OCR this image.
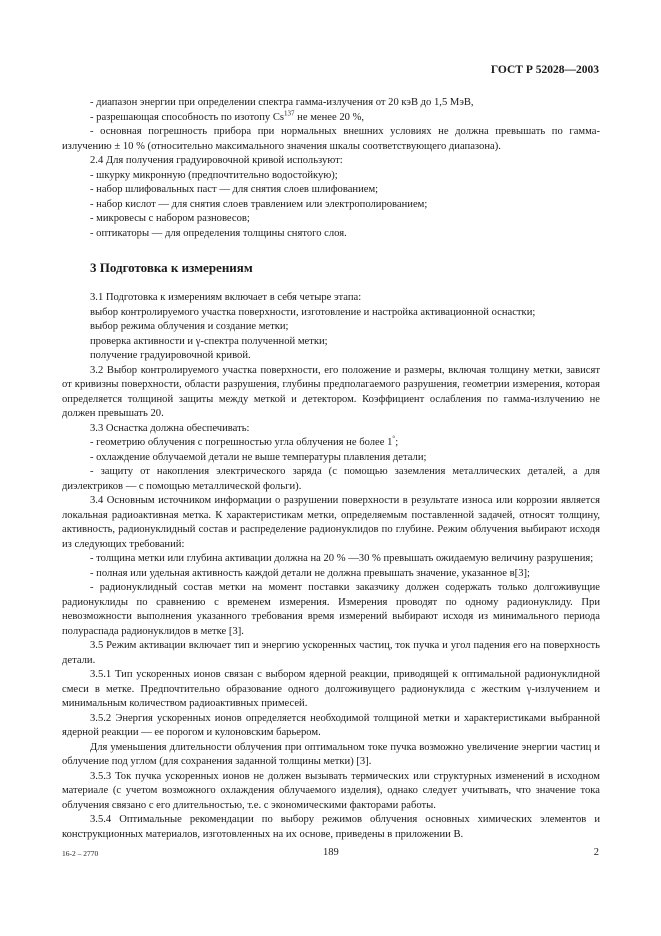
ГОСТ Р 52028—2003

- диапазон энергии при определении спектра гамма-излучения от 20 кэВ до 1,5 МэВ,

- разрешающая способность по изотопу Cs$^{137}$ не менее 20 %,

- основная погрешность прибора при нормальных внешних условиях не должна превышать по гамма-излучению ± 10 % (относительно максимального значения шкалы соответствующего диапазона).

2.4 Для получения градуировочной кривой используют:

- шкурку микронную (предпочтительно водостойкую);

- набор шлифовальных паст — для снятия слоев шлифованием;

- набор кислот — для снятия слоев травлением или электрополированием;

- микровесы с набором разновесов;

- оптикаторы — для определения толщины снятого слоя.

3 Подготовка к измерениям

3.1 Подготовка к измерениям включает в себя четыре этапа:

выбор контролируемого участка поверхности, изготовление и настройка активационной оснастки;

выбор режима облучения и создание метки;

проверка активности и γ-спектра полученной метки;

получение градуировочной кривой.

3.2 Выбор контролируемого участка поверхности, его положение и размеры, включая толщину метки, зависят от кривизны поверхности, области разрушения, глубины предполагаемого разрушения, геометрии измерения, которая определяется толщиной защиты между меткой и детектором. Коэффициент ослабления по гамма-излучению не должен превышать 20.

3.3 Оснастка должна обеспечивать:

- геометрию облучения с погрешностью угла облучения не более 1°;

- охлаждение облучаемой детали не выше температуры плавления детали;

- защиту от накопления электрического заряда (с помощью заземления металлических деталей, а для диэлектриков — с помощью металлической фольги).

3.4 Основным источником информации о разрушении поверхности в результате износа или коррозии является локальная радиоактивная метка. К характеристикам метки, определяемым поставленной задачей, относят толщину, активность, радионуклидный состав и распределение радионуклидов по глубине. Режим облучения выбирают исходя из следующих требований:

- толщина метки или глубина активации должна на 20 % —30 % превышать ожидаемую величину разрушения;

- полная или удельная активность каждой детали не должна превышать значение, указанное в[3];

- радионуклидный состав метки на момент поставки заказчику должен содержать только долгоживущие радионуклиды по сравнению с временем измерения. Измерения проводят по одному радионуклиду. При невозможности выполнения указанного требования время измерений выбирают исходя из минимального периода полураспада радионуклидов в метке [3].

3.5 Режим активации включает тип и энергию ускоренных частиц, ток пучка и угол падения его на поверхность детали.

3.5.1 Тип ускоренных ионов связан с выбором ядерной реакции, приводящей к оптимальной радионуклидной смеси в метке. Предпочтительно образование одного долгоживущего радионуклида с жестким γ-излучением и минимальным количеством радиоактивных примесей.

3.5.2 Энергия ускоренных ионов определяется необходимой толщиной метки и характеристиками выбранной ядерной реакции — ее порогом и кулоновским барьером.

Для уменьшения длительности облучения при оптимальном токе пучка возможно увеличение энергии частиц и облучение под углом (для сохранения заданной толщины метки) [3].

3.5.3 Ток пучка ускоренных ионов не должен вызывать термических или структурных изменений в исходном материале (с учетом возможного охлаждения облучаемого изделия), однако следует учитывать, что значение тока облучения связано с его длительностью, т.е. с экономическими факторами работы.

3.5.4 Оптимальные рекомендации по выбору режимов облучения основных химических элементов и конструкционных материалов, изготовленных на их основе, приведены в приложении В.

16-2 – 2770	189	2
